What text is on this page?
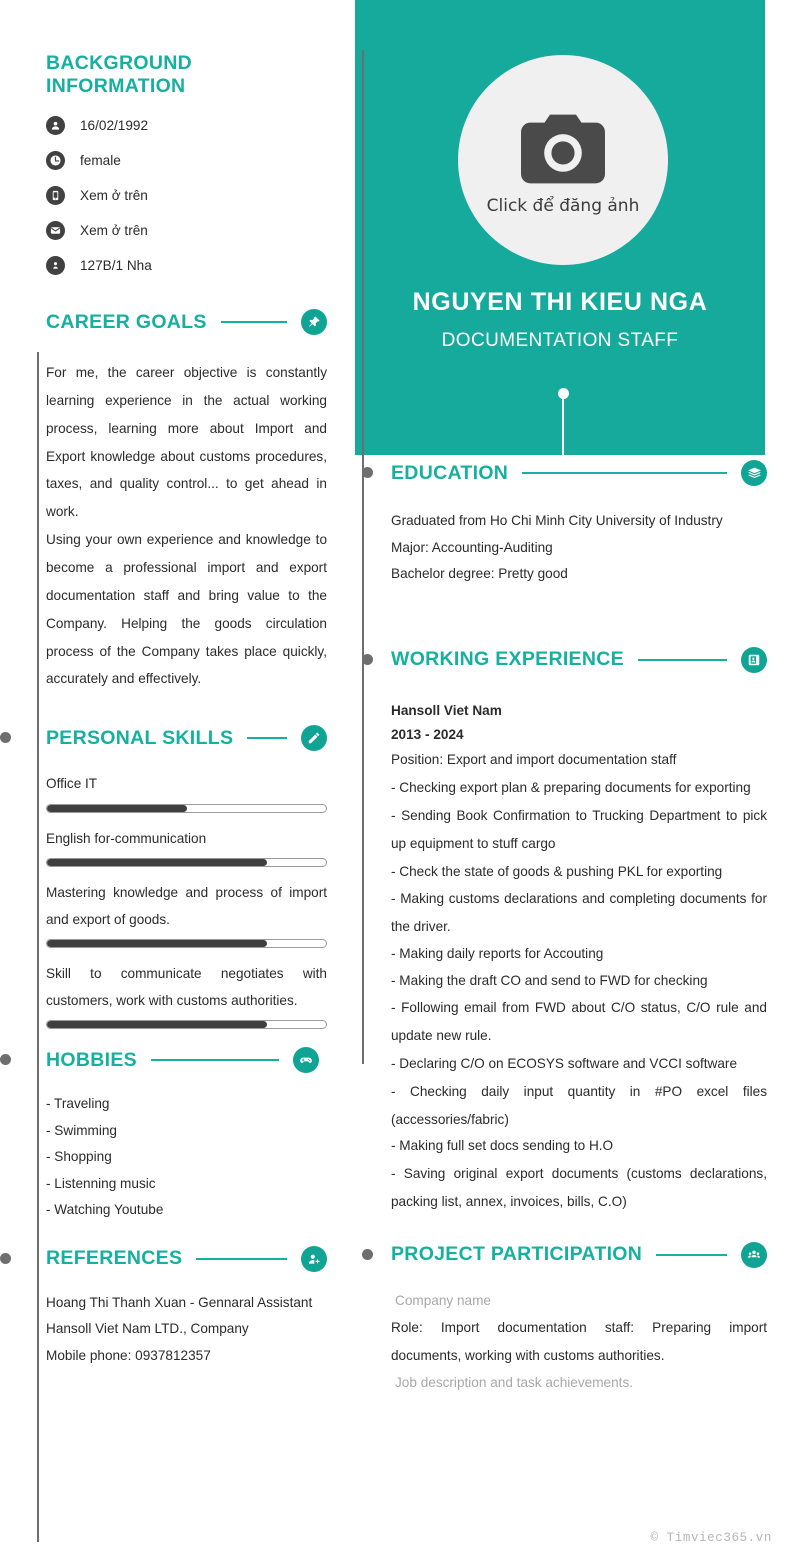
BACKGROUND INFORMATION
16/02/1992
female
Xem ở trên
Xem ở trên
127B/1 Nha
CAREER GOALS
For me, the career objective is constantly learning experience in the actual working process, learning more about Import and Export knowledge about customs procedures, taxes, and quality control... to get ahead in work.
Using your own experience and knowledge to become a professional import and export documentation staff and bring value to the Company. Helping the goods circulation process of the Company takes place quickly, accurately and effectively.
PERSONAL SKILLS
Office IT
English for-communication
Mastering knowledge and process of import and export of goods.
Skill to communicate negotiates with customers, work with customs authorities.
HOBBIES
- Traveling
- Swimming
- Shopping
- Listenning music
- Watching Youtube
REFERENCES
Hoang Thi Thanh Xuan - Gennaral Assistant
Hansoll Viet Nam LTD., Company
Mobile phone: 0937812357
Click để đăng ảnh
NGUYEN THI KIEU NGA
DOCUMENTATION STAFF
EDUCATION
Graduated from Ho Chi Minh City University of Industry
Major: Accounting-Auditing
Bachelor degree: Pretty good
WORKING EXPERIENCE
Hansoll Viet Nam
2013 - 2024
Position: Export and import documentation staff
- Checking export plan & preparing documents for exporting
- Sending Book Confirmation to Trucking Department to pick up equipment to stuff cargo
- Check the state of goods & pushing PKL for exporting
- Making customs declarations and completing documents for the driver.
- Making daily reports for Accouting
- Making the draft CO and send to FWD for checking
- Following email from FWD about C/O status, C/O rule and update new rule.
- Declaring C/O on ECOSYS software and VCCI software
- Checking daily input quantity in #PO excel files (accessories/fabric)
- Making full set docs sending to H.O
- Saving original export documents (customs declarations, packing list, annex, invoices, bills, C.O)
PROJECT PARTICIPATION
Company name
Role: Import documentation staff: Preparing import documents, working with customs authorities.
Job description and task achievements.
© Timviec365.vn
